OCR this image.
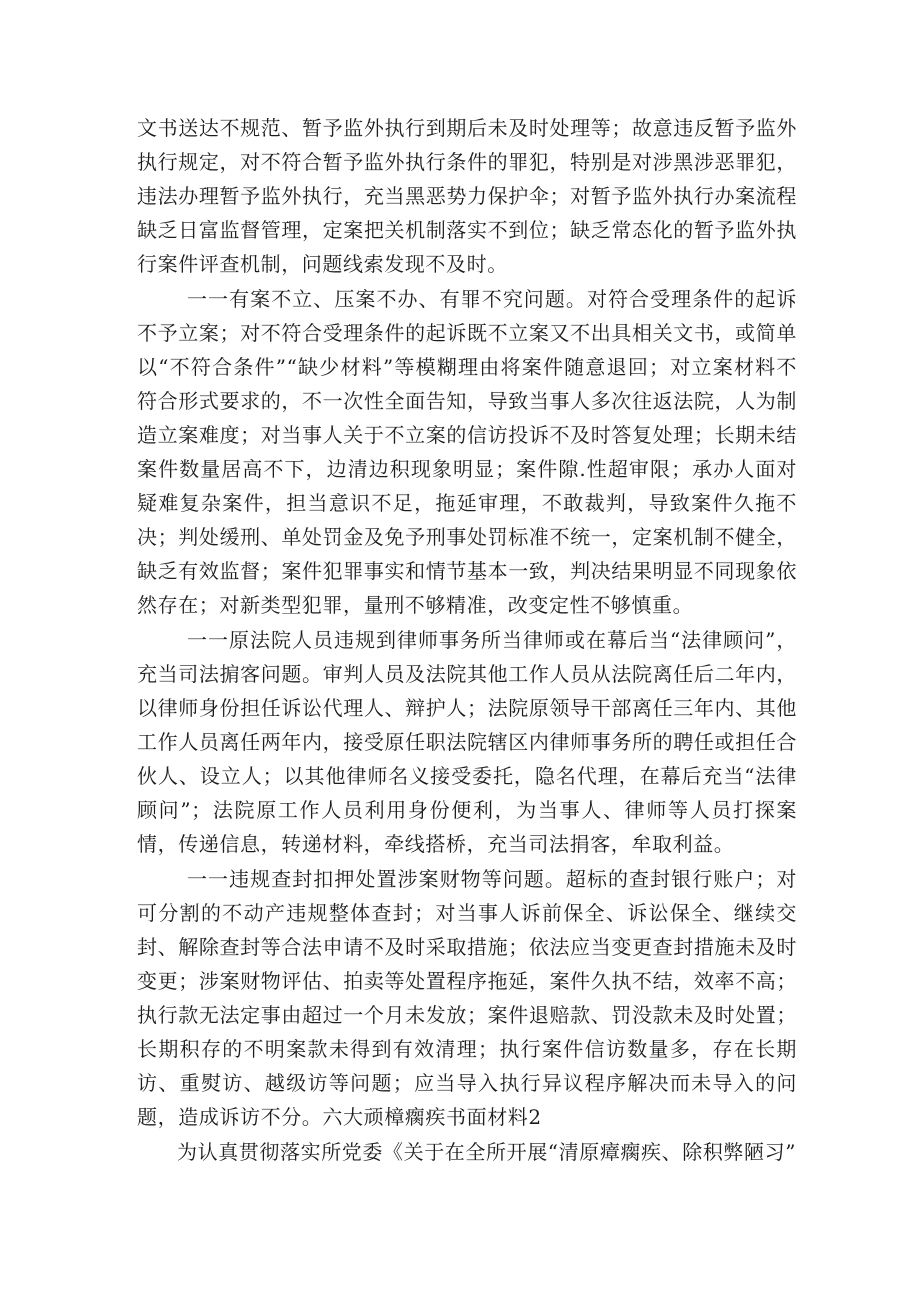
文书送达不规范、暂予监外执行到期后未及时处理等；故意违反暂予监外执行规定，对不符合暂予监外执行条件的罪犯，特别是对涉黑涉恶罪犯，违法办理暂予监外执行，充当黑恶势力保护伞；对暂予监外执行办案流程缺乏日富监督管理，定案把关机制落实不到位；缺乏常态化的暂予监外执行案件评查机制，问题线索发现不及时。

一一有案不立、压案不办、有罪不究问题。对符合受理条件的起诉不予立案；对不符合受理条件的起诉既不立案又不出具相关文书，或简单以“不符合条件”“缺少材料”等模糊理由将案件随意退回；对立案材料不符合形式要求的，不一次性全面告知，导致当事人多次往返法院，人为制造立案难度；对当事人关于不立案的信访投诉不及时答复处理；长期未结案件数量居高不下，边清边积现象明显；案件隙.性超审限；承办人面对疑难复杂案件，担当意识不足，拖延审理，不敢裁判，导致案件久拖不决；判处缓刑、单处罚金及免予刑事处罚标准不统一，定案机制不健全，缺乏有效监督；案件犯罪事实和情节基本一致，判决结果明显不同现象依然存在；对新类型犯罪，量刑不够精准，改变定性不够慎重。

一一原法院人员违规到律师事务所当律师或在幕后当“法律顾问”，充当司法掮客问题。审判人员及法院其他工作人员从法院离任后二年内，以律师身份担任诉讼代理人、辩护人；法院原领导干部离任三年内、其他工作人员离任两年内，接受原任职法院辖区内律师事务所的聘任或担任合伙人、设立人；以其他律师名义接受委托，隐名代理，在幕后充当“法律顾问”；法院原工作人员利用身份便利，为当事人、律师等人员打探案情，传递信息，转递材料，牵线搭桥，充当司法捐客，牟取利益。

一一违规查封扣押处置涉案财物等问题。超标的查封银行账户；对可分割的不动产违规整体查封；对当事人诉前保全、诉讼保全、继续交封、解除查封等合法申请不及时采取措施；依法应当变更查封措施未及时变更；涉案财物评估、拍卖等处置程序拖延，案件久执不结，效率不高；执行款无法定事由超过一个月未发放；案件退赔款、罚没款未及时处置；长期积存的不明案款未得到有效清理；执行案件信访数量多，存在长期访、重熨访、越级访等问题；应当导入执行异议程序解决而未导入的问题，造成诉访不分。六大顽樟瘸疾书面材料2

为认真贯彻落实所党委《关于在全所开展“清原瘴瘸疾、除积弊陋习”
